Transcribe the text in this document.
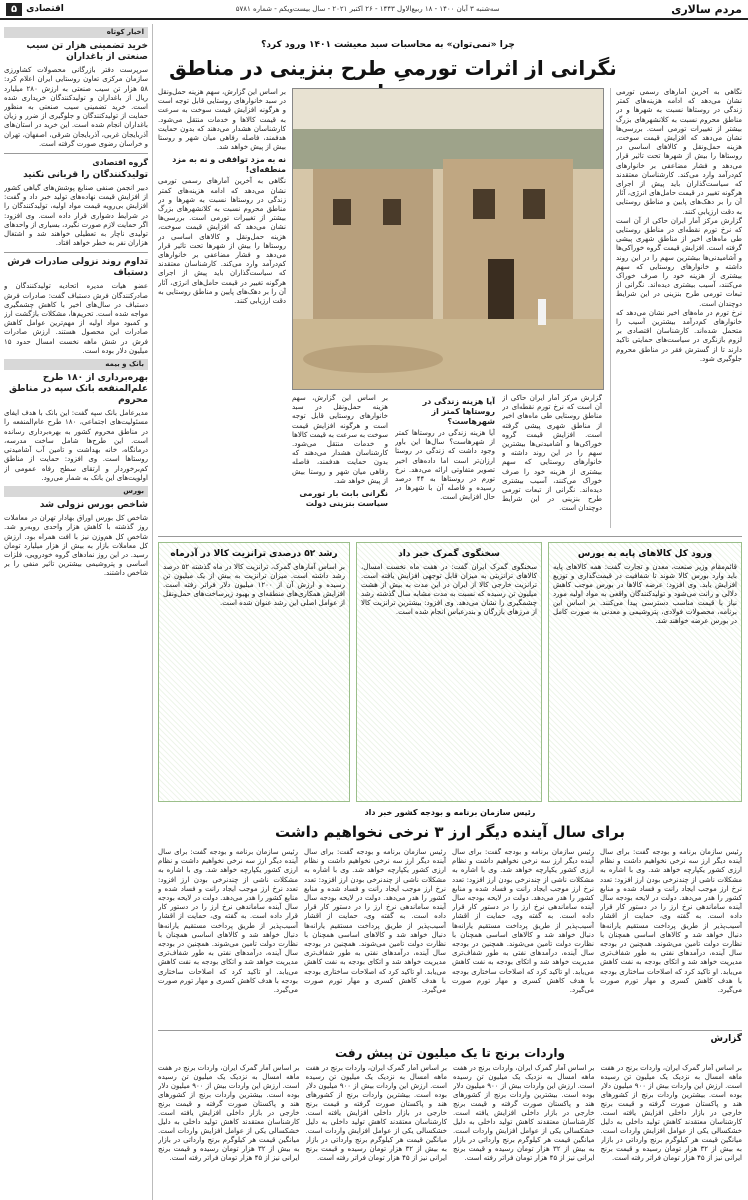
مردم سالاری
سه‌شنبه ۳ آبان ۱۴۰۰ - ۱۸ ربیع‌الاول ۱۴۴۳ - ۲۶ اکتبر ۲۰۲۱ - سال بیست‌ویکم - شماره ۵۷۸۱
اقتصادی
۵
چرا «نمی‌توان» به محاسبات سبد معیشت ۱۴۰۱ ورود کرد؟
نگرانی از اثرات تورمیِ طرح بنزینی در مناطق
نگاهی به آخرین آمارهای رسمی تورمی نشان می‌دهد که ادامه هزینه‌های کمتر زندگی در روستاها نسبت به شهرها و در مناطق محروم نسبت به کلانشهرهای بزرگ بیشتر از تغییرات تورمی است. بررسی‌ها نشان می‌دهد که افزایش قیمت سوخت، هزینه حمل‌ونقل و کالاهای اساسی در روستاها را بیش از شهرها تحت تاثیر قرار می‌دهد و فشار مضاعفی بر خانوارهای کم‌درآمد وارد می‌کند. کارشناسان معتقدند که سیاست‌گذاران باید پیش از اجرای هرگونه تغییر در قیمت حامل‌های انرژی، آثار آن را بر دهک‌های پایین و مناطق روستایی به دقت ارزیابی کنند.
گزارش مرکز آمار ایران حاکی از آن است که نرخ تورم نقطه‌ای در مناطق روستایی طی ماه‌های اخیر از مناطق شهری پیشی گرفته است. افزایش قیمت گروه خوراکی‌ها و آشامیدنی‌ها بیشترین سهم را در این روند داشته و خانوارهای روستایی که سهم بیشتری از هزینه خود را صرف خوراک می‌کنند، آسیب بیشتری دیده‌اند. نگرانی از تبعات تورمی طرح بنزینی در این شرایط دوچندان است.
نرخ تورم در ماه‌های اخیر نشان می‌دهد که خانوارهای کم‌درآمد بیشترین آسیب را متحمل شده‌اند. کارشناسان اقتصادی بر لزوم بازنگری در سیاست‌های حمایتی تاکید دارند تا از گسترش فقر در مناطق محروم جلوگیری شود.
گزارش مرکز آمار ایران حاکی از آن است که نرخ تورم نقطه‌ای در مناطق روستایی طی ماه‌های اخیر از مناطق شهری پیشی گرفته است. افزایش قیمت گروه خوراکی‌ها و آشامیدنی‌ها بیشترین سهم را در این روند داشته و خانوارهای روستایی که سهم بیشتری از هزینه خود را صرف خوراک می‌کنند، آسیب بیشتری دیده‌اند. نگرانی از تبعات تورمی طرح بنزینی در این شرایط دوچندان است.
آیا هزینه زندگی در روستاها کمتر از شهرهاست؟
آیا هزینه زندگی در روستاها کمتر از شهرهاست؟ سال‌ها این باور وجود داشت که زندگی در روستا ارزان‌تر است اما داده‌های اخیر تصویر متفاوتی ارائه می‌دهد. نرخ تورم در روستاها به ۴۴ درصد رسیده و فاصله آن با شهرها در حال افزایش است.
بر اساس این گزارش، سهم هزینه حمل‌ونقل در سبد خانوارهای روستایی قابل توجه است و هرگونه افزایش قیمت سوخت به سرعت به قیمت کالاها و خدمات منتقل می‌شود. کارشناسان هشدار می‌دهند که بدون حمایت هدفمند، فاصله رفاهی میان شهر و روستا بیش از پیش خواهد شد.
نگرانی بابت بار تورمی سیاست بنزینی دولت
بر اساس این گزارش، سهم هزینه حمل‌ونقل در سبد خانوارهای روستایی قابل توجه است و هرگونه افزایش قیمت سوخت به سرعت به قیمت کالاها و خدمات منتقل می‌شود. کارشناسان هشدار می‌دهند که بدون حمایت هدفمند، فاصله رفاهی میان شهر و روستا بیش از پیش خواهد شد.

نه به مزد توافقی و نه به مزد منطقه‌ای!
نگاهی به آخرین آمارهای رسمی تورمی نشان می‌دهد که ادامه هزینه‌های کمتر زندگی در روستاها نسبت به شهرها و در مناطق محروم نسبت به کلانشهرهای بزرگ بیشتر از تغییرات تورمی است. بررسی‌ها نشان می‌دهد که افزایش قیمت سوخت، هزینه حمل‌ونقل و کالاهای اساسی در روستاها را بیش از شهرها تحت تاثیر قرار می‌دهد و فشار مضاعفی بر خانوارهای کم‌درآمد وارد می‌کند. کارشناسان معتقدند که سیاست‌گذاران باید پیش از اجرای هرگونه تغییر در قیمت حامل‌های انرژی، آثار آن را بر دهک‌های پایین و مناطق روستایی به دقت ارزیابی کنند.
اخبار کوتاه
خرید تضمینی هزار تن سیب صنعتی از باغداران
سرپرست دفتر بازرگانی محصولات کشاورزی سازمان مرکزی تعاون روستایی ایران اعلام کرد: ۵۸ هزار تن سیب صنعتی به ارزش ۲۸۰ میلیارد ریال از باغداران و تولیدکنندگان خریداری شده است. خرید تضمینی سیب صنعتی به منظور حمایت از تولیدکنندگان و جلوگیری از ضرر و زیان باغداران انجام شده است. این خرید در استان‌های آذربایجان غربی، آذربایجان شرقی، اصفهان، تهران و خراسان رضوی صورت گرفته است.
گروه اقتصادی
تولیدکنندگان را قربانی نکنید
دبیر انجمن صنفی صنایع پوشش‌های گیاهی کشور از افزایش قیمت نهاده‌های تولید خبر داد و گفت: افزایش بی‌رویه قیمت مواد اولیه، تولیدکنندگان را در شرایط دشواری قرار داده است. وی افزود: اگر حمایت لازم صورت نگیرد، بسیاری از واحدهای تولیدی ناچار به تعطیلی خواهند شد و اشتغال هزاران نفر به خطر خواهد افتاد.
تداوم روند نزولی صادرات فرش دستباف
عضو هیات مدیره اتحادیه تولیدکنندگان و صادرکنندگان فرش دستباف گفت: صادرات فرش دستباف در سال‌های اخیر با کاهش چشمگیری مواجه شده است. تحریم‌ها، مشکلات بازگشت ارز و کمبود مواد اولیه از مهم‌ترین عوامل کاهش صادرات این محصول هستند. ارزش صادرات فرش در شش ماهه نخست امسال حدود ۱۵ میلیون دلار بوده است.
بانک و بیمه
بهره‌برداری از ۱۸۰ طرح علم‌المنفعه بانک سپه در مناطق محروم
مدیرعامل بانک سپه گفت: این بانک با هدف ایفای مسئولیت‌های اجتماعی، ۱۸۰ طرح عام‌المنفعه را در مناطق محروم کشور به بهره‌برداری رسانده است. این طرح‌ها شامل ساخت مدرسه، درمانگاه، خانه بهداشت و تامین آب آشامیدنی روستاها است. وی افزود: حمایت از مناطق کم‌برخوردار و ارتقای سطح رفاه عمومی از اولویت‌های این بانک به شمار می‌رود.
بورس
شاخص بورس نزولی شد
شاخص کل بورس اوراق بهادار تهران در معاملات روز گذشته با کاهش هزار واحدی روبه‌رو شد. شاخص کل هم‌وزن نیز با افت همراه بود. ارزش کل معاملات بازار به بیش از هزار میلیارد تومان رسید. در این روز نمادهای گروه خودرویی، فلزات اساسی و پتروشیمی بیشترین تاثیر منفی را بر شاخص داشتند.
ورود کل کالاهای پایه به بورس
قائم‌مقام وزیر صنعت، معدن و تجارت گفت: همه کالاهای پایه باید وارد بورس کالا شوند تا شفافیت در قیمت‌گذاری و توزیع افزایش یابد. وی افزود: عرضه کالاها در بورس موجب کاهش دلالی و رانت می‌شود و تولیدکنندگان واقعی به مواد اولیه مورد نیاز با قیمت مناسب دسترسی پیدا می‌کنند. بر اساس این برنامه، محصولات فولادی، پتروشیمی و معدنی به صورت کامل در بورس عرضه خواهند شد.
سخنگوی گمرک خبر داد
سخنگوی گمرک ایران گفت: در هفت ماه نخست امسال، کالاهای ترانزیتی به میزان قابل توجهی افزایش یافته است. ترانزیت خارجی کالا از ایران در این مدت به بیش از هشت میلیون تن رسیده که نسبت به مدت مشابه سال گذشته رشد چشمگیری را نشان می‌دهد. وی افزود: بیشترین ترانزیت کالا از مرزهای بازرگان و بندرعباس انجام شده است.
رشد ۵۲ درصدی ترانزیت کالا در آذرماه
بر اساس آمارهای گمرک، ترانزیت کالا در ماه گذشته ۵۲ درصد رشد داشته است. میزان ترانزیت به بیش از یک میلیون تن رسیده و ارزش آن از ۱۲۰۰ میلیون دلار فراتر رفته است. افزایش همکاری‌های منطقه‌ای و بهبود زیرساخت‌های حمل‌ونقل از عوامل اصلی این رشد عنوان شده است.
رئیس سازمان برنامه و بودجه کشور خبر داد
برای سال آینده دیگر ارز ۳ نرخی نخواهیم داشت
رئیس سازمان برنامه و بودجه گفت: برای سال آینده دیگر ارز سه نرخی نخواهیم داشت و نظام ارزی کشور یکپارچه خواهد شد. وی با اشاره به مشکلات ناشی از چندنرخی بودن ارز افزود: تعدد نرخ ارز موجب ایجاد رانت و فساد شده و منابع کشور را هدر می‌دهد. دولت در لایحه بودجه سال آینده ساماندهی نرخ ارز را در دستور کار قرار داده است. به گفته وی، حمایت از اقشار آسیب‌پذیر از طریق پرداخت مستقیم یارانه‌ها دنبال خواهد شد و کالاهای اساسی همچنان با نظارت دولت تامین می‌شوند. همچنین در بودجه سال آینده، درآمدهای نفتی به طور شفاف‌تری مدیریت خواهد شد و اتکای بودجه به نفت کاهش می‌یابد. او تاکید کرد که اصلاحات ساختاری بودجه با هدف کاهش کسری و مهار تورم صورت می‌گیرد.
رئیس سازمان برنامه و بودجه گفت: برای سال آینده دیگر ارز سه نرخی نخواهیم داشت و نظام ارزی کشور یکپارچه خواهد شد. وی با اشاره به مشکلات ناشی از چندنرخی بودن ارز افزود: تعدد نرخ ارز موجب ایجاد رانت و فساد شده و منابع کشور را هدر می‌دهد. دولت در لایحه بودجه سال آینده ساماندهی نرخ ارز را در دستور کار قرار داده است. به گفته وی، حمایت از اقشار آسیب‌پذیر از طریق پرداخت مستقیم یارانه‌ها دنبال خواهد شد و کالاهای اساسی همچنان با نظارت دولت تامین می‌شوند. همچنین در بودجه سال آینده، درآمدهای نفتی به طور شفاف‌تری مدیریت خواهد شد و اتکای بودجه به نفت کاهش می‌یابد. او تاکید کرد که اصلاحات ساختاری بودجه با هدف کاهش کسری و مهار تورم صورت می‌گیرد.
رئیس سازمان برنامه و بودجه گفت: برای سال آینده دیگر ارز سه نرخی نخواهیم داشت و نظام ارزی کشور یکپارچه خواهد شد. وی با اشاره به مشکلات ناشی از چندنرخی بودن ارز افزود: تعدد نرخ ارز موجب ایجاد رانت و فساد شده و منابع کشور را هدر می‌دهد. دولت در لایحه بودجه سال آینده ساماندهی نرخ ارز را در دستور کار قرار داده است. به گفته وی، حمایت از اقشار آسیب‌پذیر از طریق پرداخت مستقیم یارانه‌ها دنبال خواهد شد و کالاهای اساسی همچنان با نظارت دولت تامین می‌شوند. همچنین در بودجه سال آینده، درآمدهای نفتی به طور شفاف‌تری مدیریت خواهد شد و اتکای بودجه به نفت کاهش می‌یابد. او تاکید کرد که اصلاحات ساختاری بودجه با هدف کاهش کسری و مهار تورم صورت می‌گیرد.
رئیس سازمان برنامه و بودجه گفت: برای سال آینده دیگر ارز سه نرخی نخواهیم داشت و نظام ارزی کشور یکپارچه خواهد شد. وی با اشاره به مشکلات ناشی از چندنرخی بودن ارز افزود: تعدد نرخ ارز موجب ایجاد رانت و فساد شده و منابع کشور را هدر می‌دهد. دولت در لایحه بودجه سال آینده ساماندهی نرخ ارز را در دستور کار قرار داده است. به گفته وی، حمایت از اقشار آسیب‌پذیر از طریق پرداخت مستقیم یارانه‌ها دنبال خواهد شد و کالاهای اساسی همچنان با نظارت دولت تامین می‌شوند. همچنین در بودجه سال آینده، درآمدهای نفتی به طور شفاف‌تری مدیریت خواهد شد و اتکای بودجه به نفت کاهش می‌یابد. او تاکید کرد که اصلاحات ساختاری بودجه با هدف کاهش کسری و مهار تورم صورت می‌گیرد.
گزارش
واردات برنج تا یک میلیون تن پیش رفت
بر اساس آمار گمرک ایران، واردات برنج در هفت ماهه امسال به نزدیک یک میلیون تن رسیده است. ارزش این واردات بیش از ۹۰۰ میلیون دلار بوده است. بیشترین واردات برنج از کشورهای هند و پاکستان صورت گرفته و قیمت برنج خارجی در بازار داخلی افزایش یافته است. کارشناسان معتقدند کاهش تولید داخلی به دلیل خشکسالی یکی از عوامل افزایش واردات است. میانگین قیمت هر کیلوگرم برنج وارداتی در بازار به بیش از ۳۲ هزار تومان رسیده و قیمت برنج ایرانی نیز از ۴۵ هزار تومان فراتر رفته است.
بر اساس آمار گمرک ایران، واردات برنج در هفت ماهه امسال به نزدیک یک میلیون تن رسیده است. ارزش این واردات بیش از ۹۰۰ میلیون دلار بوده است. بیشترین واردات برنج از کشورهای هند و پاکستان صورت گرفته و قیمت برنج خارجی در بازار داخلی افزایش یافته است. کارشناسان معتقدند کاهش تولید داخلی به دلیل خشکسالی یکی از عوامل افزایش واردات است. میانگین قیمت هر کیلوگرم برنج وارداتی در بازار به بیش از ۳۲ هزار تومان رسیده و قیمت برنج ایرانی نیز از ۴۵ هزار تومان فراتر رفته است.
بر اساس آمار گمرک ایران، واردات برنج در هفت ماهه امسال به نزدیک یک میلیون تن رسیده است. ارزش این واردات بیش از ۹۰۰ میلیون دلار بوده است. بیشترین واردات برنج از کشورهای هند و پاکستان صورت گرفته و قیمت برنج خارجی در بازار داخلی افزایش یافته است. کارشناسان معتقدند کاهش تولید داخلی به دلیل خشکسالی یکی از عوامل افزایش واردات است. میانگین قیمت هر کیلوگرم برنج وارداتی در بازار به بیش از ۳۲ هزار تومان رسیده و قیمت برنج ایرانی نیز از ۴۵ هزار تومان فراتر رفته است.
بر اساس آمار گمرک ایران، واردات برنج در هفت ماهه امسال به نزدیک یک میلیون تن رسیده است. ارزش این واردات بیش از ۹۰۰ میلیون دلار بوده است. بیشترین واردات برنج از کشورهای هند و پاکستان صورت گرفته و قیمت برنج خارجی در بازار داخلی افزایش یافته است. کارشناسان معتقدند کاهش تولید داخلی به دلیل خشکسالی یکی از عوامل افزایش واردات است. میانگین قیمت هر کیلوگرم برنج وارداتی در بازار به بیش از ۳۲ هزار تومان رسیده و قیمت برنج ایرانی نیز از ۴۵ هزار تومان فراتر رفته است.
